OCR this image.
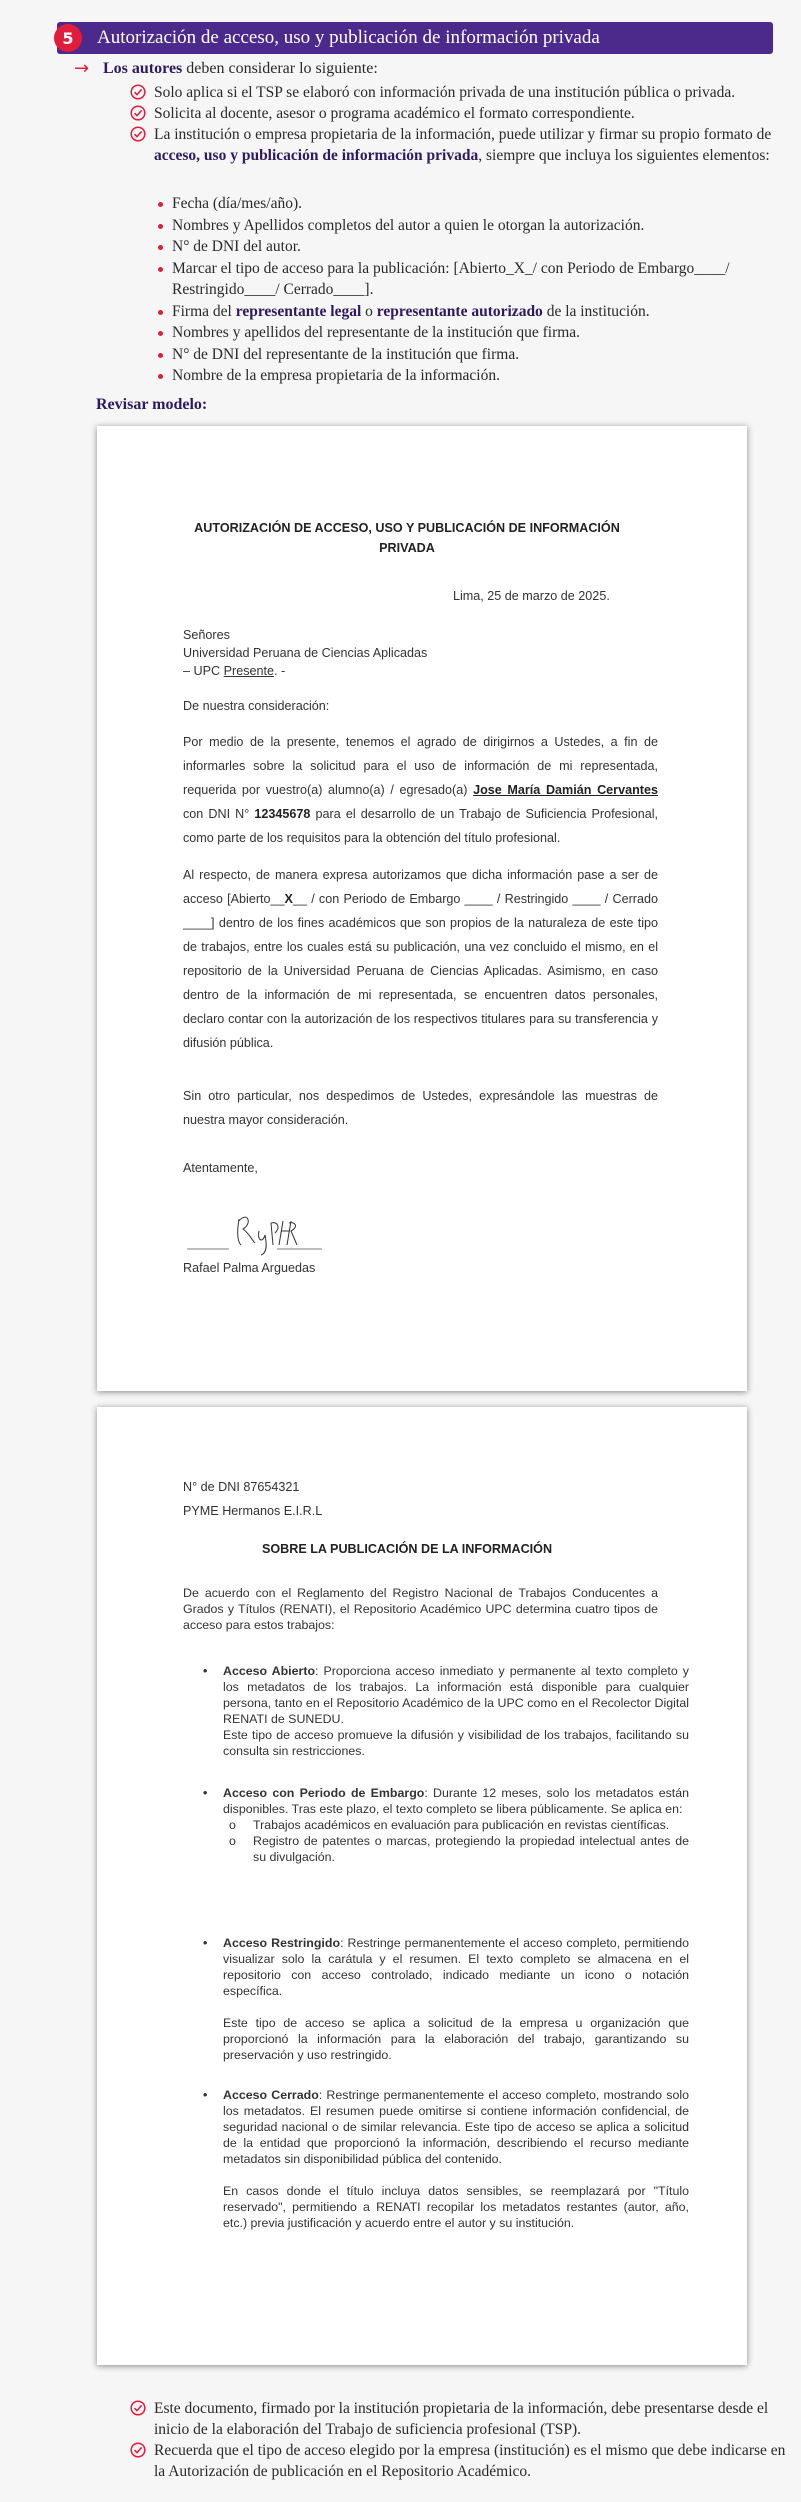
5	Autorización de acceso, uso y publicación de información privada
→ Los autores deben considerar lo siguiente:
Solo aplica si el TSP se elaboró con información privada de una institución pública o privada.
Solicita al docente, asesor o programa académico el formato correspondiente.
La institución o empresa propietaria de la información, puede utilizar y firmar su propio formato de acceso, uso y publicación de información privada, siempre que incluya los siguientes elementos:
Fecha (día/mes/año).
Nombres y Apellidos completos del autor a quien le otorgan la autorización.
N° de DNI del autor.
Marcar el tipo de acceso para la publicación: [Abierto_X_/ con Periodo de Embargo____/ Restringido____/ Cerrado____].
Firma del representante legal o representante autorizado de la institución.
Nombres y apellidos del representante de la institución que firma.
N° de DNI del representante de la institución que firma.
Nombre de la empresa propietaria de la información.
Revisar modelo:
AUTORIZACIÓN DE ACCESO, USO Y PUBLICACIÓN DE INFORMACIÓN
PRIVADA
Lima, 25 de marzo de 2025.
Señores
Universidad Peruana de Ciencias Aplicadas
– UPC Presente. -
De nuestra consideración:
Por medio de la presente, tenemos el agrado de dirigirnos a Ustedes, a fin de informarles sobre la solicitud para el uso de información de mi representada, requerida por vuestro(a) alumno(a) / egresado(a) Jose María Damián Cervantes con DNI N° 12345678 para el desarrollo de un Trabajo de Suficiencia Profesional, como parte de los requisitos para la obtención del título profesional.
Al respecto, de manera expresa autorizamos que dicha información pase a ser de acceso [Abierto__X__ / con Periodo de Embargo ____ / Restringido ____ / Cerrado ____] dentro de los fines académicos que son propios de la naturaleza de este tipo de trabajos, entre los cuales está su publicación, una vez concluido el mismo, en el repositorio de la Universidad Peruana de Ciencias Aplicadas. Asimismo, en caso dentro de la información de mi representada, se encuentren datos personales, declaro contar con la autorización de los respectivos titulares para su transferencia y difusión pública.
Sin otro particular, nos despedimos de Ustedes, expresándole las muestras de nuestra mayor consideración.
Atentamente,
Rafael Palma Arguedas
N° de DNI 87654321
PYME Hermanos E.I.R.L
SOBRE LA PUBLICACIÓN DE LA INFORMACIÓN
De acuerdo con el Reglamento del Registro Nacional de Trabajos Conducentes a Grados y Títulos (RENATI), el Repositorio Académico UPC determina cuatro tipos de acceso para estos trabajos:
• Acceso Abierto: Proporciona acceso inmediato y permanente al texto completo y los metadatos de los trabajos. La información está disponible para cualquier persona, tanto en el Repositorio Académico de la UPC como en el Recolector Digital RENATI de SUNEDU.
Este tipo de acceso promueve la difusión y visibilidad de los trabajos, facilitando su consulta sin restricciones.
• Acceso con Periodo de Embargo: Durante 12 meses, solo los metadatos están disponibles. Tras este plazo, el texto completo se libera públicamente. Se aplica en:
o Trabajos académicos en evaluación para publicación en revistas científicas.
o Registro de patentes o marcas, protegiendo la propiedad intelectual antes de su divulgación.
• Acceso Restringido: Restringe permanentemente el acceso completo, permitiendo visualizar solo la carátula y el resumen. El texto completo se almacena en el repositorio con acceso controlado, indicado mediante un icono o notación específica.
Este tipo de acceso se aplica a solicitud de la empresa u organización que proporcionó la información para la elaboración del trabajo, garantizando su preservación y uso restringido.
• Acceso Cerrado: Restringe permanentemente el acceso completo, mostrando solo los metadatos. El resumen puede omitirse si contiene información confidencial, de seguridad nacional o de similar relevancia. Este tipo de acceso se aplica a solicitud de la entidad que proporcionó la información, describiendo el recurso mediante metadatos sin disponibilidad pública del contenido.
En casos donde el título incluya datos sensibles, se reemplazará por "Título reservado", permitiendo a RENATI recopilar los metadatos restantes (autor, año, etc.) previa justificación y acuerdo entre el autor y su institución.
Este documento, firmado por la institución propietaria de la información, debe presentarse desde el inicio de la elaboración del Trabajo de suficiencia profesional (TSP).
Recuerda que el tipo de acceso elegido por la empresa (institución) es el mismo que debe indicarse en la Autorización de publicación en el Repositorio Académico.
